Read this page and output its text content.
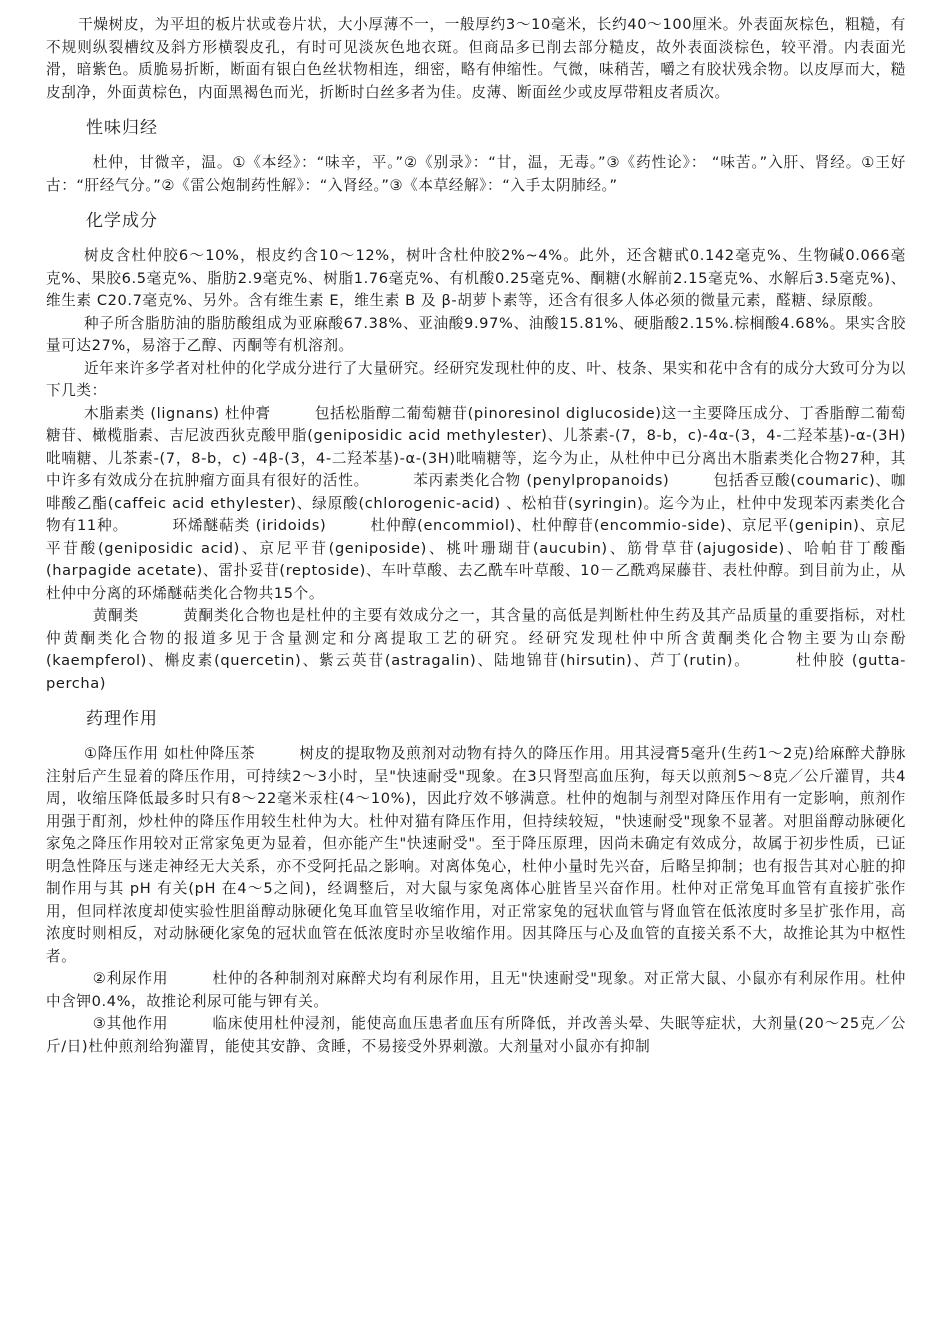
干燥树皮，为平坦的板片状或卷片状，大小厚薄不一，一般厚约3～10毫米，长约40～100厘米。外表面灰棕色，粗糙，有不规则纵裂槽纹及斜方形横裂皮孔，有时可见淡灰色地衣斑。但商品多已削去部分糙皮，故外表面淡棕色，较平滑。内表面光滑，暗紫色。质脆易折断，断面有银白色丝状物相连，细密，略有伸缩性。气微，味稍苦，嚼之有胶状残余物。以皮厚而大，糙皮刮净，外面黄棕色，内面黑褐色而光，折断时白丝多者为佳。皮薄、断面丝少或皮厚带粗皮者质次。

性味归经

杜仲，甘微辛，温。①《本经》：“味辛，平。”②《别录》：“甘，温，无毒。”③《药性论》： “味苦。”入肝、肾经。①王好古：“肝经气分。”②《雷公炮制药性解》：“入肾经。”③《本草经解》：“入手太阴肺经。”

化学成分

树皮含杜仲胶6～10%，根皮约含10～12%，树叶含杜仲胶2%~4%。此外，还含糖甙0.142毫克%、生物碱0.066毫克%、果胶6.5毫克%、脂肪2.9毫克%、树脂1.76毫克%、有机酸0.25毫克%、酮糖(水解前2.15毫克%、水解后3.5毫克%)、维生素 C20.7毫克%、另外。含有维生素 E，维生素 B 及 β-胡萝卜素等，还含有很多人体必须的微量元素，醛糖、绿原酸。

种子所含脂肪油的脂肪酸组成为亚麻酸67.38%、亚油酸9.97%、油酸15.81%、硬脂酸2.15%.棕榈酸4.68%。果实含胶量可达27%，易溶于乙醇、丙酮等有机溶剂。

近年来许多学者对杜仲的化学成分进行了大量研究。经研究发现杜仲的皮、叶、枝条、果实和花中含有的成分大致可分为以下几类：

木脂素类 (lignans) 杜仲膏	包括松脂醇二葡萄糖苷(pinoresinol diglucoside)这一主要降压成分、丁香脂醇二葡萄糖苷、橄榄脂素、吉尼波西狄克酸甲脂(geniposidic acid methylester)、儿茶素-(7，8-b，c)-4α-(3，4-二羟苯基)-α-(3H)吡喃糖、儿茶素-(7，8-b，c) -4β-(3，4-二羟苯基)-α-(3H)吡喃糖等，迄今为止，从杜仲中已分离出木脂素类化合物27种，其中许多有效成分在抗肿瘤方面具有很好的活性。	苯丙素类化合物 (penylpropanoids)	包括香豆酸(coumaric)、咖啡酸乙酯(caffeic acid ethylester)、绿原酸(chlorogenic-acid) 、松柏苷(syringin)。迄今为止，杜仲中发现苯丙素类化合物有11种。	环烯醚萜类 (iridoids)	杜仲醇(encommiol)、杜仲醇苷(encommio-side)、京尼平(genipin)、京尼平苷酸(geniposidic acid)、京尼平苷(geniposide)、桃叶珊瑚苷(aucubin)、筋骨草苷(ajugoside)、哈帕苷丁酸酯(harpagide acetate)、雷扑妥苷(reptoside)、车叶草酸、去乙酰车叶草酸、10－乙酰鸡屎藤苷、表杜仲醇。到目前为止，从杜仲中分离的环烯醚萜类化合物共15个。

黄酮类	黄酮类化合物也是杜仲的主要有效成分之一，其含量的高低是判断杜仲生药及其产品质量的重要指标，对杜仲黄酮类化合物的报道多见于含量测定和分离提取工艺的研究。经研究发现杜仲中所含黄酮类化合物主要为山奈酚(kaempferol)、槲皮素(quercetin)、紫云英苷(astragalin)、陆地锦苷(hirsutin)、芦丁(rutin)。	杜仲胶 (gutta-percha)

药理作用

①降压作用 如杜仲降压茶	树皮的提取物及煎剂对动物有持久的降压作用。用其浸膏5毫升(生药1～2克)给麻醉犬静脉注射后产生显着的降压作用，可持续2～3小时，呈"快速耐受"现象。在3只肾型高血压狗，每天以煎剂5～8克／公斤灌胃，共4周，收缩压降低最多时只有8～22毫米汞柱(4～10%)，因此疗效不够满意。杜仲的炮制与剂型对降压作用有一定影响，煎剂作用强于酊剂，炒杜仲的降压作用较生杜仲为大。杜仲对猫有降压作用，但持续较短，"快速耐受"现象不显著。对胆甾醇动脉硬化家兔之降压作用较对正常家兔更为显着，但亦能产生"快速耐受"。至于降压原理，因尚未确定有效成分，故属于初步性质，已证明急性降压与迷走神经无大关系，亦不受阿托品之影响。对离体兔心，杜仲小量时先兴奋，后略呈抑制；也有报告其对心脏的抑制作用与其 pH 有关(pH 在4～5之间)，经调整后，对大鼠与家兔离体心脏皆呈兴奋作用。杜仲对正常兔耳血管有直接扩张作用，但同样浓度却使实验性胆甾醇动脉硬化兔耳血管呈收缩作用，对正常家兔的冠状血管与肾血管在低浓度时多呈扩张作用，高浓度时则相反，对动脉硬化家兔的冠状血管在低浓度时亦呈收缩作用。因其降压与心及血管的直接关系不大，故推论其为中枢性者。

②利尿作用	杜仲的各种制剂对麻醉犬均有利尿作用，且无"快速耐受"现象。对正常大鼠、小鼠亦有利尿作用。杜仲中含钾0.4%，故推论利尿可能与钾有关。

③其他作用	临床使用杜仲浸剂，能使高血压患者血压有所降低，并改善头晕、失眠等症状，大剂量(20～25克／公斤/日)杜仲煎剂给狗灌胃，能使其安静、贪睡，不易接受外界刺激。大剂量对小鼠亦有抑制
